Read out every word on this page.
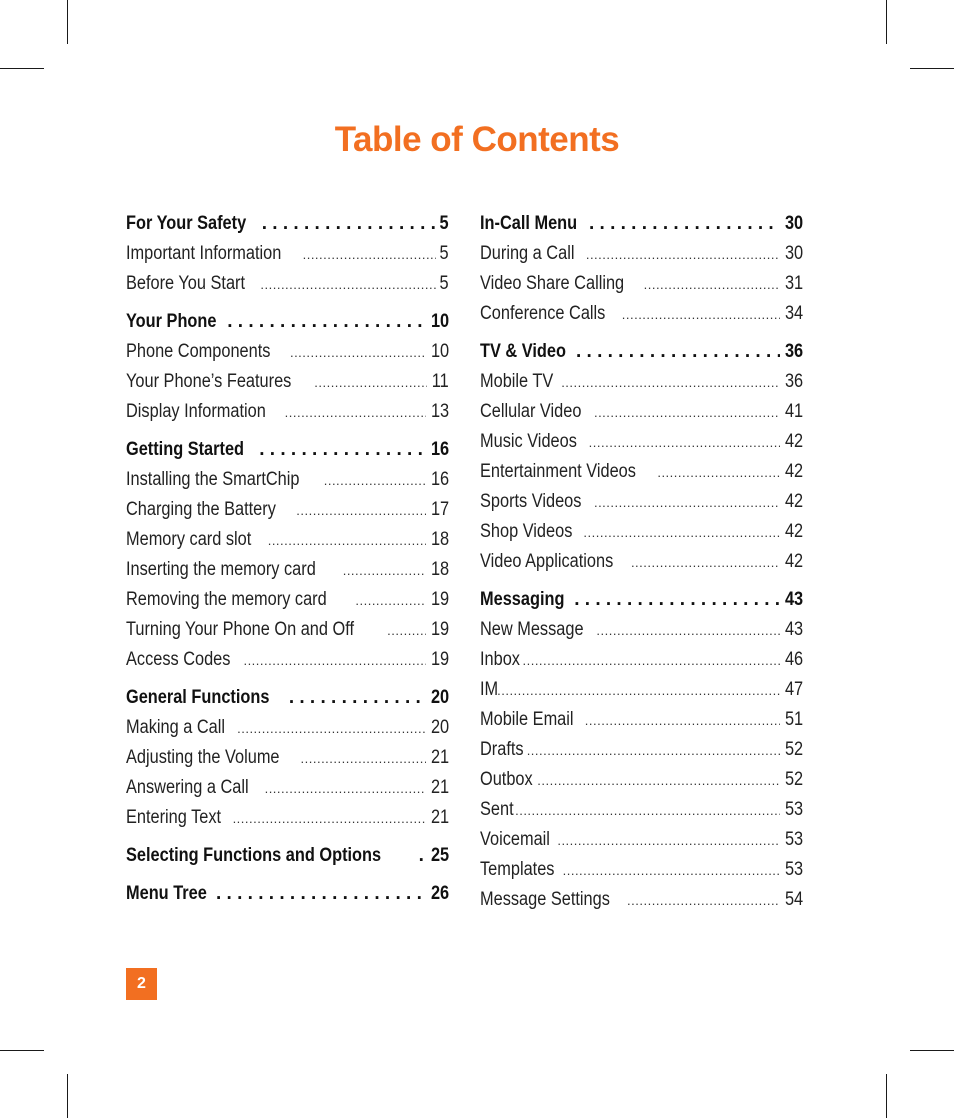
Table of Contents
For Your Safety . . .	5
Important Information .....	5
Before You Start .....	5
Your Phone . . .	10
Phone Components .....	10
Your Phone’s Features .....	11
Display Information .....	13
Getting Started . . .	16
Installing the SmartChip .....	16
Charging the Battery .....	17
Memory card slot .....	18
Inserting the memory card .....	18
Removing the memory card .....	19
Turning Your Phone On and Off .....	19
Access Codes .....	19
General Functions . . .	20
Making a Call .....	20
Adjusting the Volume .....	21
Answering a Call .....	21
Entering Text .....	21
Selecting Functions and Options . . .	25
Menu Tree . . .	26
In-Call Menu . . .	30
During a Call .....	30
Video Share Calling .....	31
Conference Calls .....	34
TV & Video . . .	36
Mobile TV .....	36
Cellular Video .....	41
Music Videos .....	42
Entertainment Videos .....	42
Sports Videos .....	42
Shop Videos .....	42
Video Applications .....	42
Messaging . . .	43
New Message .....	43
Inbox .....	46
IM .....	47
Mobile Email .....	51
Drafts .....	52
Outbox .....	52
Sent .....	53
Voicemail .....	53
Templates .....	53
Message Settings .....	54
2
